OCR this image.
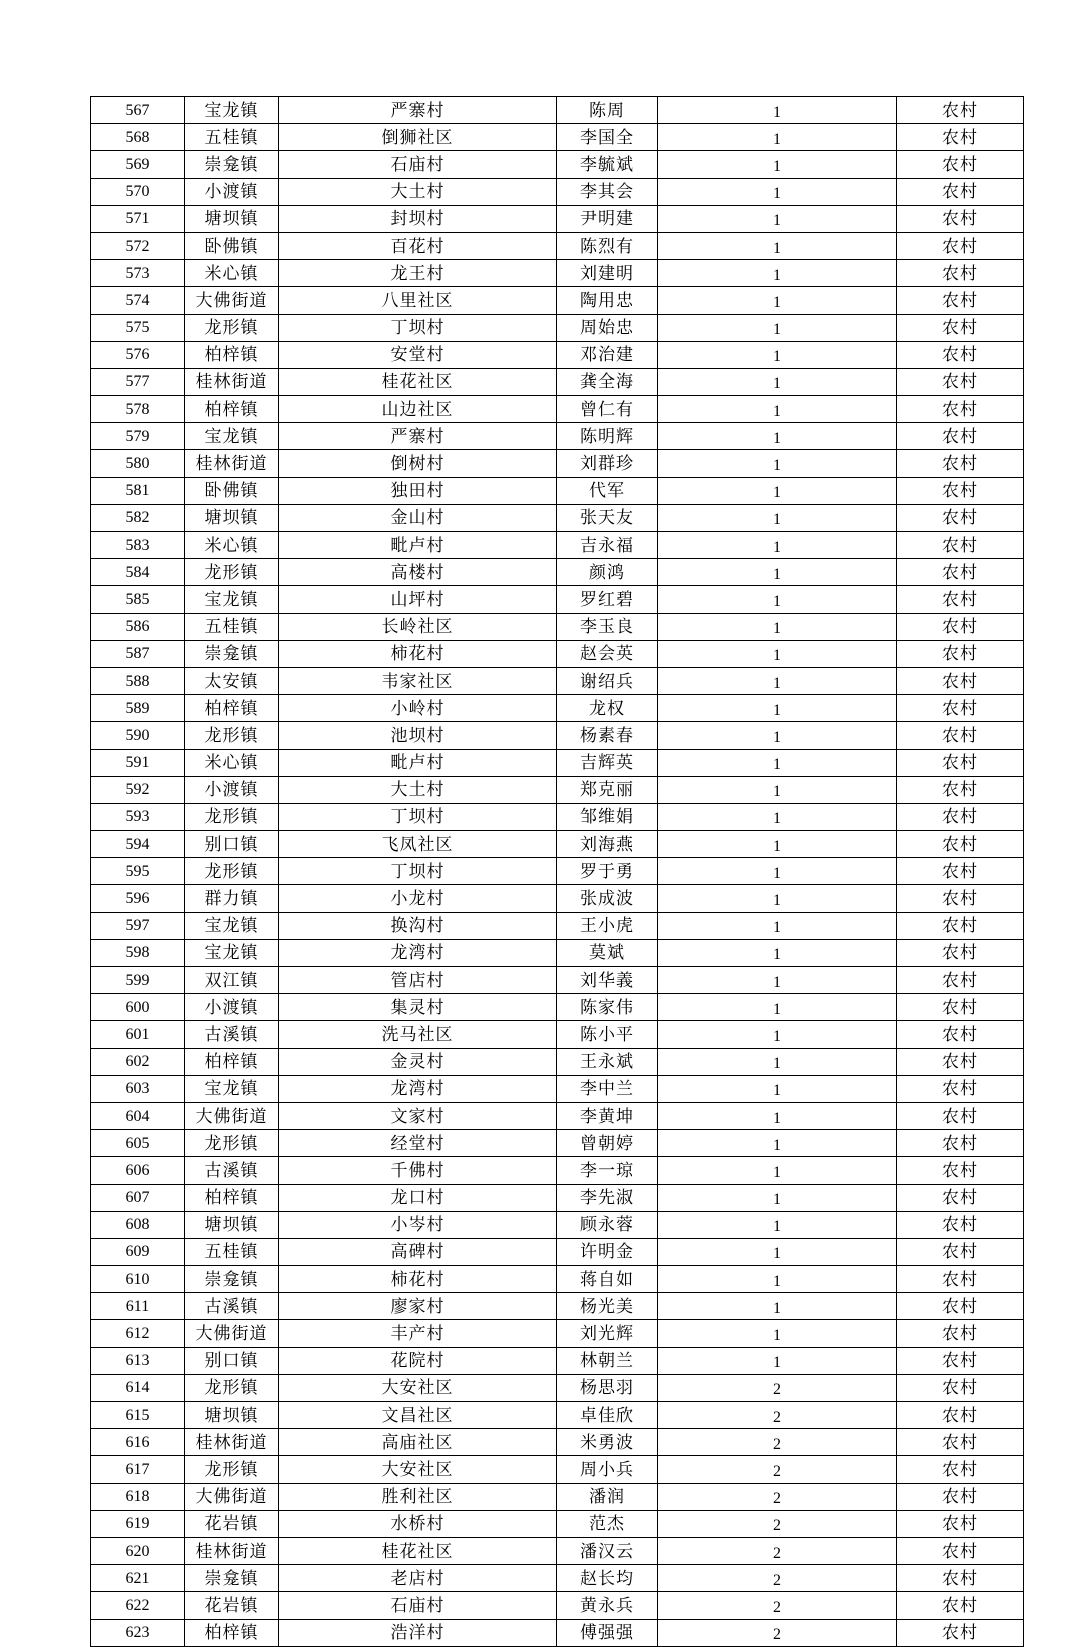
567	宝龙镇	严寨村	陈周	1	农村
568	五桂镇	倒狮社区	李国全	1	农村
569	崇龛镇	石庙村	李毓斌	1	农村
570	小渡镇	大土村	李其会	1	农村
571	塘坝镇	封坝村	尹明建	1	农村
572	卧佛镇	百花村	陈烈有	1	农村
573	米心镇	龙王村	刘建明	1	农村
574	大佛街道	八里社区	陶用忠	1	农村
575	龙形镇	丁坝村	周始忠	1	农村
576	柏梓镇	安堂村	邓治建	1	农村
577	桂林街道	桂花社区	龚全海	1	农村
578	柏梓镇	山边社区	曾仁有	1	农村
579	宝龙镇	严寨村	陈明辉	1	农村
580	桂林街道	倒树村	刘群珍	1	农村
581	卧佛镇	独田村	代军	1	农村
582	塘坝镇	金山村	张天友	1	农村
583	米心镇	毗卢村	吉永福	1	农村
584	龙形镇	高楼村	颜鸿	1	农村
585	宝龙镇	山坪村	罗红碧	1	农村
586	五桂镇	长岭社区	李玉良	1	农村
587	崇龛镇	柿花村	赵会英	1	农村
588	太安镇	韦家社区	谢绍兵	1	农村
589	柏梓镇	小岭村	龙权	1	农村
590	龙形镇	池坝村	杨素春	1	农村
591	米心镇	毗卢村	吉辉英	1	农村
592	小渡镇	大土村	郑克丽	1	农村
593	龙形镇	丁坝村	邹维娟	1	农村
594	别口镇	飞凤社区	刘海燕	1	农村
595	龙形镇	丁坝村	罗于勇	1	农村
596	群力镇	小龙村	张成波	1	农村
597	宝龙镇	换沟村	王小虎	1	农村
598	宝龙镇	龙湾村	莫斌	1	农村
599	双江镇	管店村	刘华義	1	农村
600	小渡镇	集灵村	陈家伟	1	农村
601	古溪镇	洗马社区	陈小平	1	农村
602	柏梓镇	金灵村	王永斌	1	农村
603	宝龙镇	龙湾村	李中兰	1	农村
604	大佛街道	文家村	李黄坤	1	农村
605	龙形镇	经堂村	曾朝婷	1	农村
606	古溪镇	千佛村	李一琼	1	农村
607	柏梓镇	龙口村	李先淑	1	农村
608	塘坝镇	小岑村	顾永蓉	1	农村
609	五桂镇	高碑村	许明金	1	农村
610	崇龛镇	柿花村	蒋自如	1	农村
611	古溪镇	廖家村	杨光美	1	农村
612	大佛街道	丰产村	刘光辉	1	农村
613	别口镇	花院村	林朝兰	1	农村
614	龙形镇	大安社区	杨思羽	2	农村
615	塘坝镇	文昌社区	卓佳欣	2	农村
616	桂林街道	高庙社区	米勇波	2	农村
617	龙形镇	大安社区	周小兵	2	农村
618	大佛街道	胜利社区	潘润	2	农村
619	花岩镇	水桥村	范杰	2	农村
620	桂林街道	桂花社区	潘汉云	2	农村
621	崇龛镇	老店村	赵长均	2	农村
622	花岩镇	石庙村	黄永兵	2	农村
623	柏梓镇	浩洋村	傅强强	2	农村
